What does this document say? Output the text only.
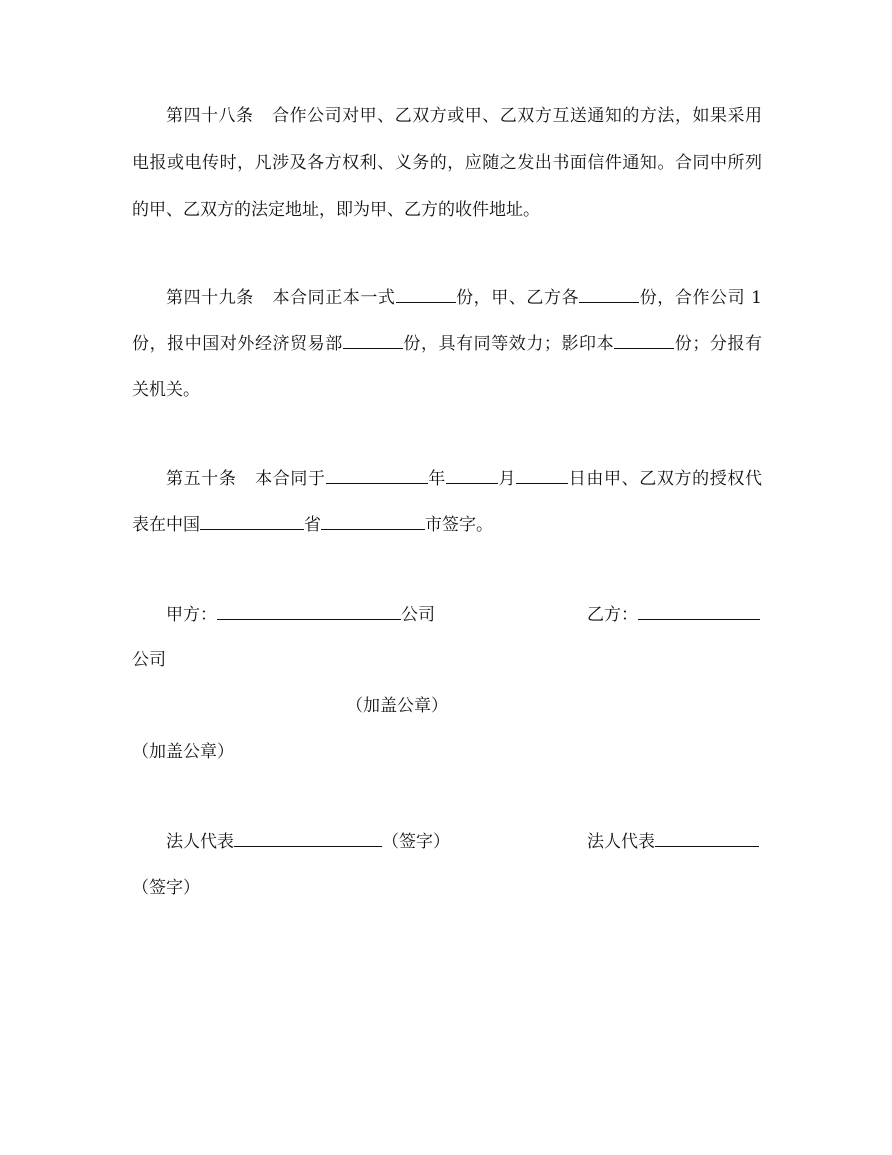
第四十八条 合作公司对甲、乙双方或甲、乙双方互送通知的方法，如果采用
电报或电传时，凡涉及各方权利、义务的，应随之发出书面信件通知。合同中所列
的甲、乙双方的法定地址，即为甲、乙方的收件地址。
第四十九条 本合同正本一式	份，甲、乙方各	份，合作公司 1
份，报中国对外经济贸易部	份，具有同等效力；影印本	份；分报有
关机关。
第五十条 本合同于	年	月	日由甲、乙双方的授权代
表在中国	省	市签字。
甲方：	公司	乙方：
公司
（加盖公章）
（加盖公章）
法人代表	（签字）	法人代表
（签字）
